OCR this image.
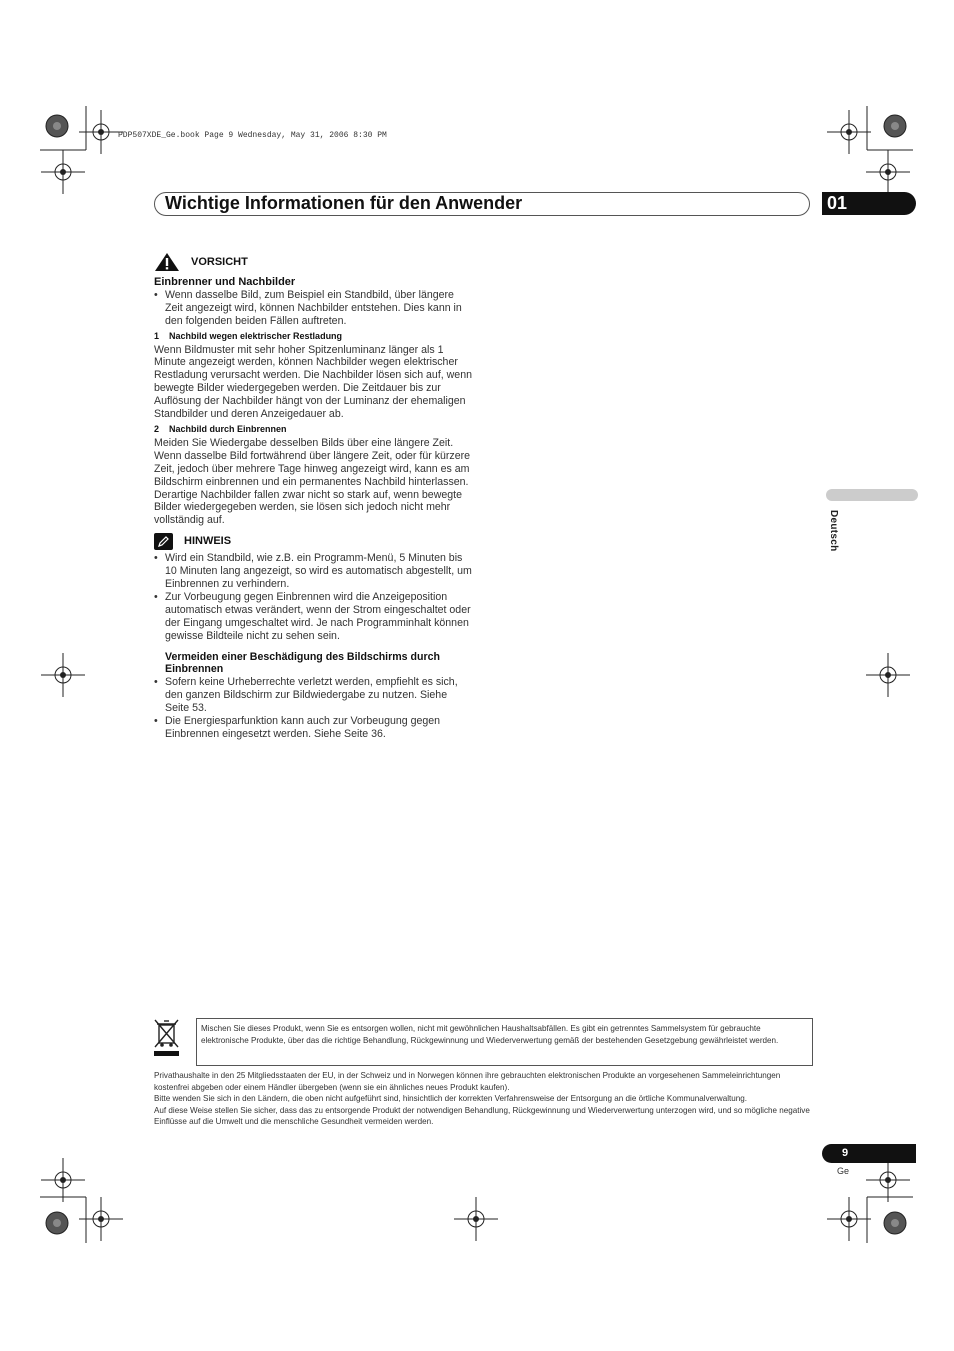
PDP507XDE_Ge.book Page 9 Wednesday, May 31, 2006 8:30 PM
Wichtige Informationen für den Anwender	01
Deutsch
VORSICHT
Einbrenner und Nachbilder
• Wenn dasselbe Bild, zum Beispiel ein Standbild, über längere Zeit angezeigt wird, können Nachbilder entstehen. Dies kann in den folgenden beiden Fällen auftreten.
1    Nachbild wegen elektrischer Restladung

Wenn Bildmuster mit sehr hoher Spitzenluminanz länger als 1 Minute angezeigt werden, können Nachbilder wegen elektrischer Restladung verursacht werden. Die Nachbilder lösen sich auf, wenn bewegte Bilder wiedergegeben werden. Die Zeitdauer bis zur Auflösung der Nachbilder hängt von der Luminanz der ehemaligen Standbilder und deren Anzeigedauer ab.

2    Nachbild durch Einbrennen

Meiden Sie Wiedergabe desselben Bilds über eine längere Zeit. Wenn dasselbe Bild fortwährend über längere Zeit, oder für kürzere Zeit, jedoch über mehrere Tage hinweg angezeigt wird, kann es am Bildschirm einbrennen und ein permanentes Nachbild hinterlassen. Derartige Nachbilder fallen zwar nicht so stark auf, wenn bewegte Bilder wiedergegeben werden, sie lösen sich jedoch nicht mehr vollständig auf.

HINWEIS
• Wird ein Standbild, wie z.B. ein Programm-Menü, 5 Minuten bis 10 Minuten lang angezeigt, so wird es automatisch abgestellt, um Einbrennen zu verhindern.
• Zur Vorbeugung gegen Einbrennen wird die Anzeigeposition automatisch etwas verändert, wenn der Strom eingeschaltet oder der Eingang umgeschaltet wird. Je nach Programminhalt können gewisse Bildteile nicht zu sehen sein.
Vermeiden einer Beschädigung des Bildschirms durch Einbrennen
• Sofern keine Urheberrechte verletzt werden, empfiehlt es sich, den ganzen Bildschirm zur Bildwiedergabe zu nutzen. Siehe Seite 53.
• Die Energiesparfunktion kann auch zur Vorbeugung gegen Einbrennen eingesetzt werden. Siehe Seite 36.
Mischen Sie dieses Produkt, wenn Sie es entsorgen wollen, nicht mit gewöhnlichen Haushaltsabfällen. Es gibt ein getrenntes Sammelsystem für gebrauchte elektronische Produkte, über das die richtige Behandlung, Rückgewinnung und Wiederverwertung gemäß der bestehenden Gesetzgebung gewährleistet werden.
Privathaushalte in den 25 Mitgliedsstaaten der EU, in der Schweiz und in Norwegen können ihre gebrauchten elektronischen Produkte an vorgesehenen Sammeleinrichtungen kostenfrei abgeben oder einem Händler übergeben (wenn sie ein ähnliches neues Produkt kaufen).
Bitte wenden Sie sich in den Ländern, die oben nicht aufgeführt sind, hinsichtlich der korrekten Verfahrensweise der Entsorgung an die örtliche Kommunalverwaltung.
Auf diese Weise stellen Sie sicher, dass das zu entsorgende Produkt der notwendigen Behandlung, Rückgewinnung und Wiederverwertung unterzogen wird, und so mögliche negative Einflüsse auf die Umwelt und die menschliche Gesundheit vermeiden werden.
9
Ge
